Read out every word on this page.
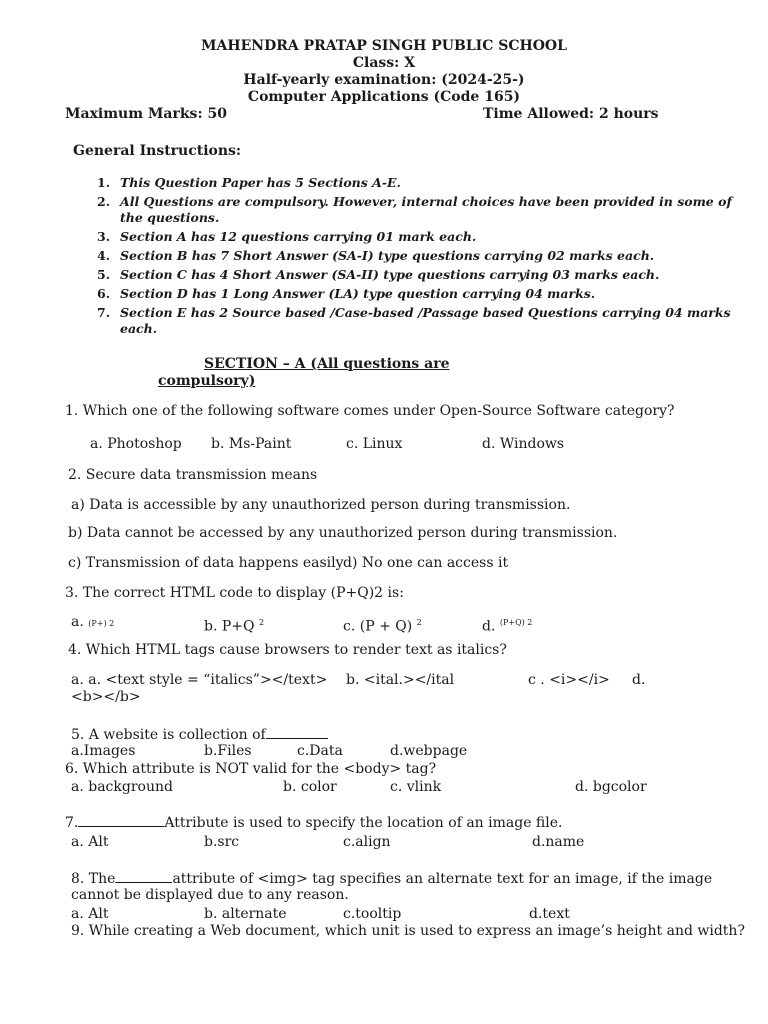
MAHENDRA PRATAP SINGH PUBLIC SCHOOL
Class: X
Half-yearly examination: (2024-25-)
Computer Applications (Code 165)
Maximum Marks: 50	Time Allowed: 2 hours
General Instructions:
1. This Question Paper has 5 Sections A-E.
2. All Questions are compulsory. However, internal choices have been provided in some of
the questions.
3. Section A has 12 questions carrying 01 mark each.
4. Section B has 7 Short Answer (SA-I) type questions carrying 02 marks each.
5. Section C has 4 Short Answer (SA-II) type questions carrying 03 marks each.
6. Section D has 1 Long Answer (LA) type question carrying 04 marks.
7. Section E has 2 Source based /Case-based /Passage based Questions carrying 04 marks
each.
SECTION – A (All questions are
compulsory)
1. Which one of the following software comes under Open-Source Software category?
a. Photoshop b. Ms-Paint	c. Linux	d. Windows
2. Secure data transmission means
a) Data is accessible by any unauthorized person during transmission.
b) Data cannot be accessed by any unauthorized person during transmission.
c) Transmission of data happens easily d) No one can access it
3. The correct HTML code to display (P+Q)2 is:
a. (P+) 2	b. P+Q $^2$	c. (P + Q) $^2$	d. $^{(P+Q) 2}$
4. Which HTML tags cause browsers to render text as italics?
a. a. <text style = “italics”></text> b. <ital.></ital	c . <i></i> d.
<b></b>
5. A website is collection of
a.Images	b.Files	c.Data	d.webpage
6. Which attribute is NOT valid for the <body> tag?
a. background	b. color	c. vlink	d. bgcolor
7.	Attribute is used to specify the location of an image file.
a. Alt	b.src	c.align	d.name
8. The	attribute of <img> tag specifies an alternate text for an image, if the image
cannot be displayed due to any reason.
a. Alt	b. alternate	c.tooltip	d.text
9. While creating a Web document, which unit is used to express an image’s height and width?
